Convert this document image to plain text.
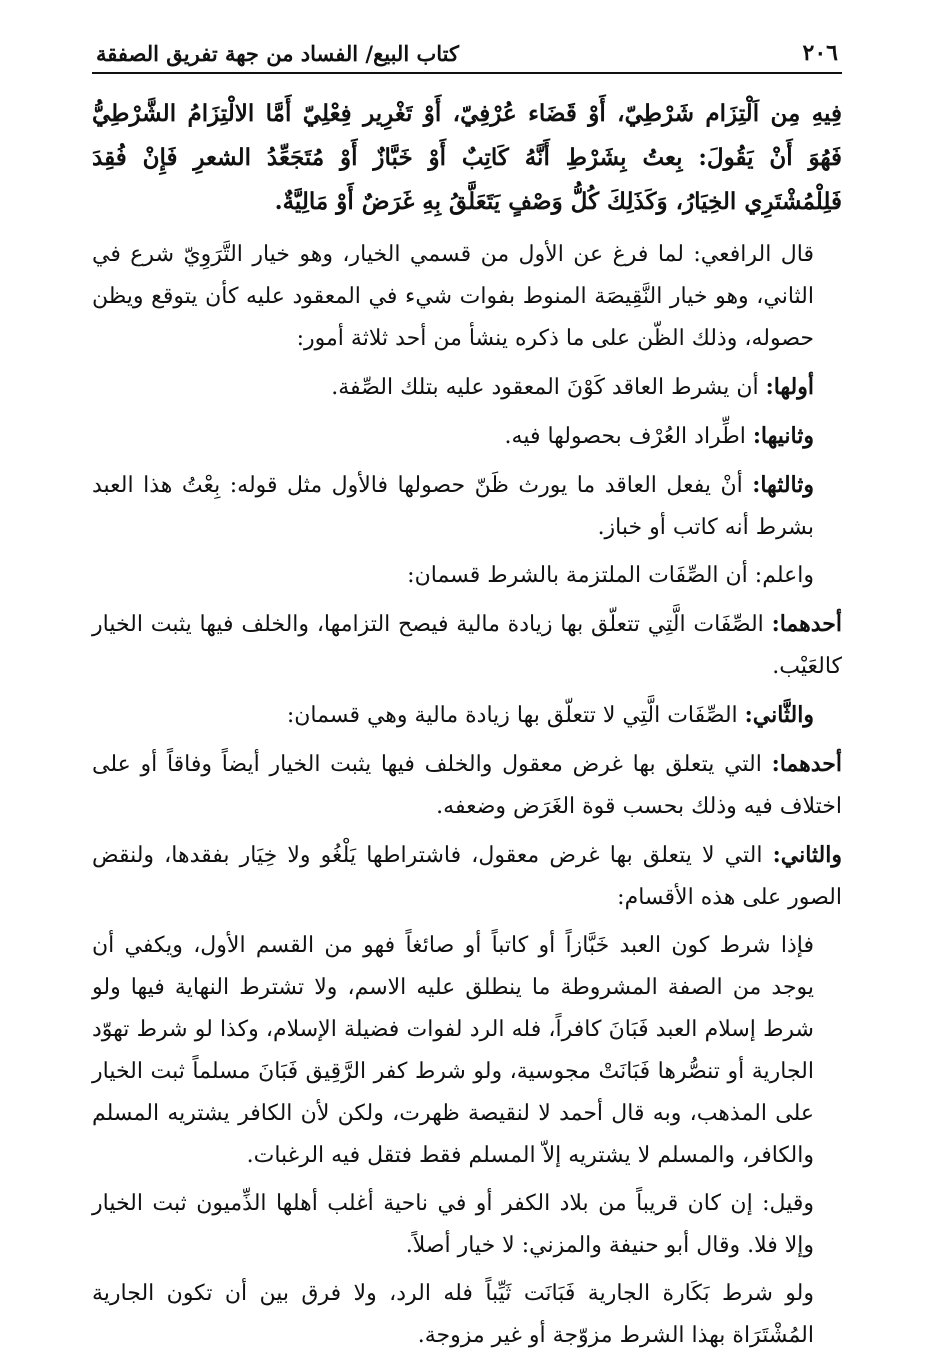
٢٠٦
كتاب البيع/ الفساد من جهة تفريق الصفقة

فِيهِ مِن اَلْتِزَام شَرْطِيّ، أَوْ قَضَاء عُرْفِيّ، أَوْ تَغْرِير فِعْلِيّ أَمَّا الالْتِزَامُ الشَّرْطِيُّ فَهُوَ أَنْ يَقُولَ: بِعتُ بِشَرْطِ أَنَّهُ كَاتِبٌ أَوْ خَبَّازٌ أَوْ مُتَجَعِّدُ الشعرِ فَإِنْ فُقِدَ فَلِلْمُشْتَرِي الخِيَارُ، وَكَذَلِكَ كُلُّ وَصْفٍ يَتَعَلَّقُ بِهِ غَرَضٌ أَوْ مَالِيَّةٌ.

قال الرافعي: لما فرغ عن الأول من قسمي الخيار، وهو خيار التَّرَوِيّ شرع في الثاني، وهو خيار النَّقِيصَة المنوط بفوات شيء في المعقود عليه كأن يتوقع ويظن حصوله، وذلك الظّن على ما ذكره ينشأ من أحد ثلاثة أمور:

أولها: أن يشرط العاقد كَوْنَ المعقود عليه بتلك الصِّفة.

وثانيها: اطِّراد العُرْف بحصولها فيه.

وثالثها: أنْ يفعل العاقد ما يورث ظَنّ حصولها فالأول مثل قوله: بِعْتُ هذا العبد بشرط أنه كاتب أو خباز.

واعلم: أن الصِّفَات الملتزمة بالشرط قسمان:

أحدهما: الصِّفَات الَّتِي تتعلّق بها زيادة مالية فيصح التزامها، والخلف فيها يثبت الخيار كالعَيْب.

والثَّاني: الصِّفَات الَّتِي لا تتعلّق بها زيادة مالية وهي قسمان:

أحدهما: التي يتعلق بها غرض معقول والخلف فيها يثبت الخيار أيضاً وفاقاً أو على اختلاف فيه وذلك بحسب قوة الغَرَض وضعفه.

والثاني: التي لا يتعلق بها غرض معقول، فاشتراطها يَلْغُو ولا خِيَار بفقدها، ولنقض الصور على هذه الأقسام:

فإذا شرط كون العبد خَبَّازاً أو كاتباً أو صائغاً فهو من القسم الأول، ويكفي أن يوجد من الصفة المشروطة ما ينطلق عليه الاسم، ولا تشترط النهاية فيها ولو شرط إسلام العبد فَبَانَ كافراً، فله الرد لفوات فضيلة الإسلام، وكذا لو شرط تهوّد الجارية أو تنصُّرها فَبَانَتْ مجوسية، ولو شرط كفر الرَّقِيق فَبَانَ مسلماً ثبت الخيار على المذهب، وبه قال أحمد لا لنقيصة ظهرت، ولكن لأن الكافر يشتريه المسلم والكافر، والمسلم لا يشتريه إلاّ المسلم فقط فتقل فيه الرغبات.

وقيل: إن كان قريباً من بلاد الكفر أو في ناحية أغلب أهلها الذِّميون ثبت الخيار وإلا فلا. وقال أبو حنيفة والمزني: لا خيار أصلاً.

ولو شرط بَكَارة الجارية فَبَانَت ثَيِّباً فله الرد، ولا فرق بين أن تكون الجارية المُشْتَرَاة بهذا الشرط مزوّجة أو غير مزوجة.
